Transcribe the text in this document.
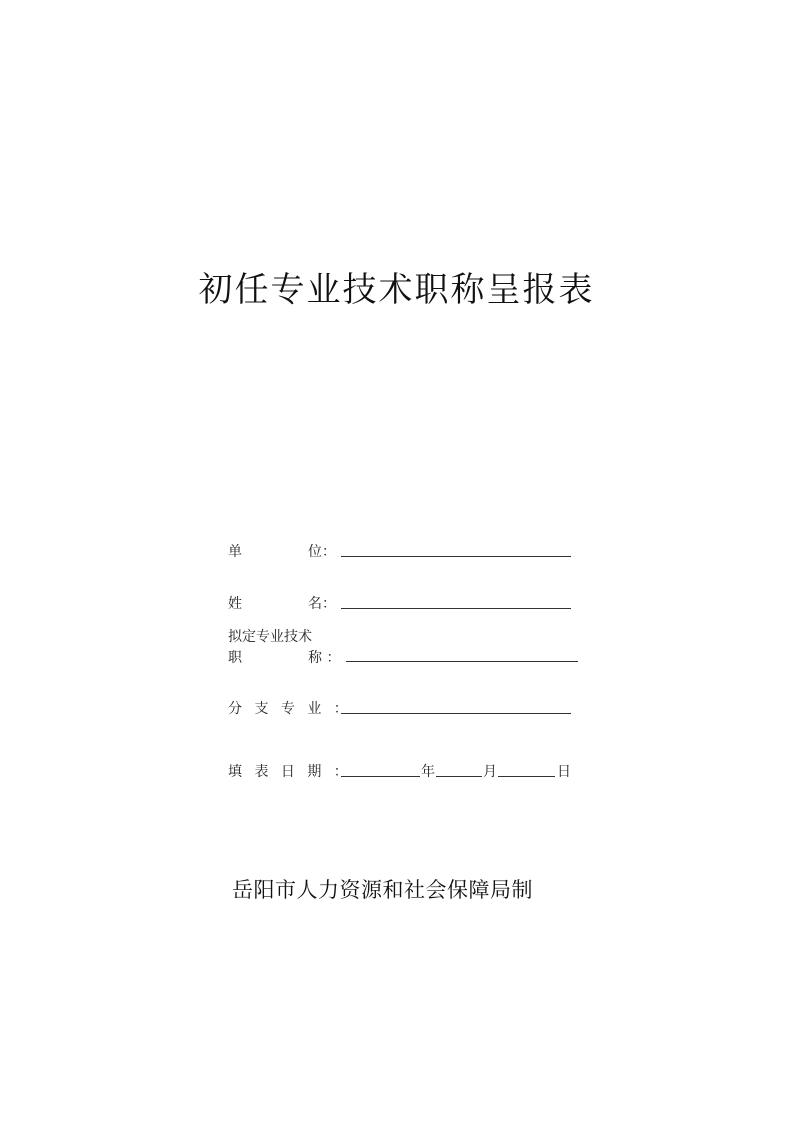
初任专业技术职称呈报表
单	位：
姓	名：
拟定专业技术
职	称 ：
分 支 专 业 ：
填 表 日 期 ：	年	月	日
岳阳市人力资源和社会保障局制
